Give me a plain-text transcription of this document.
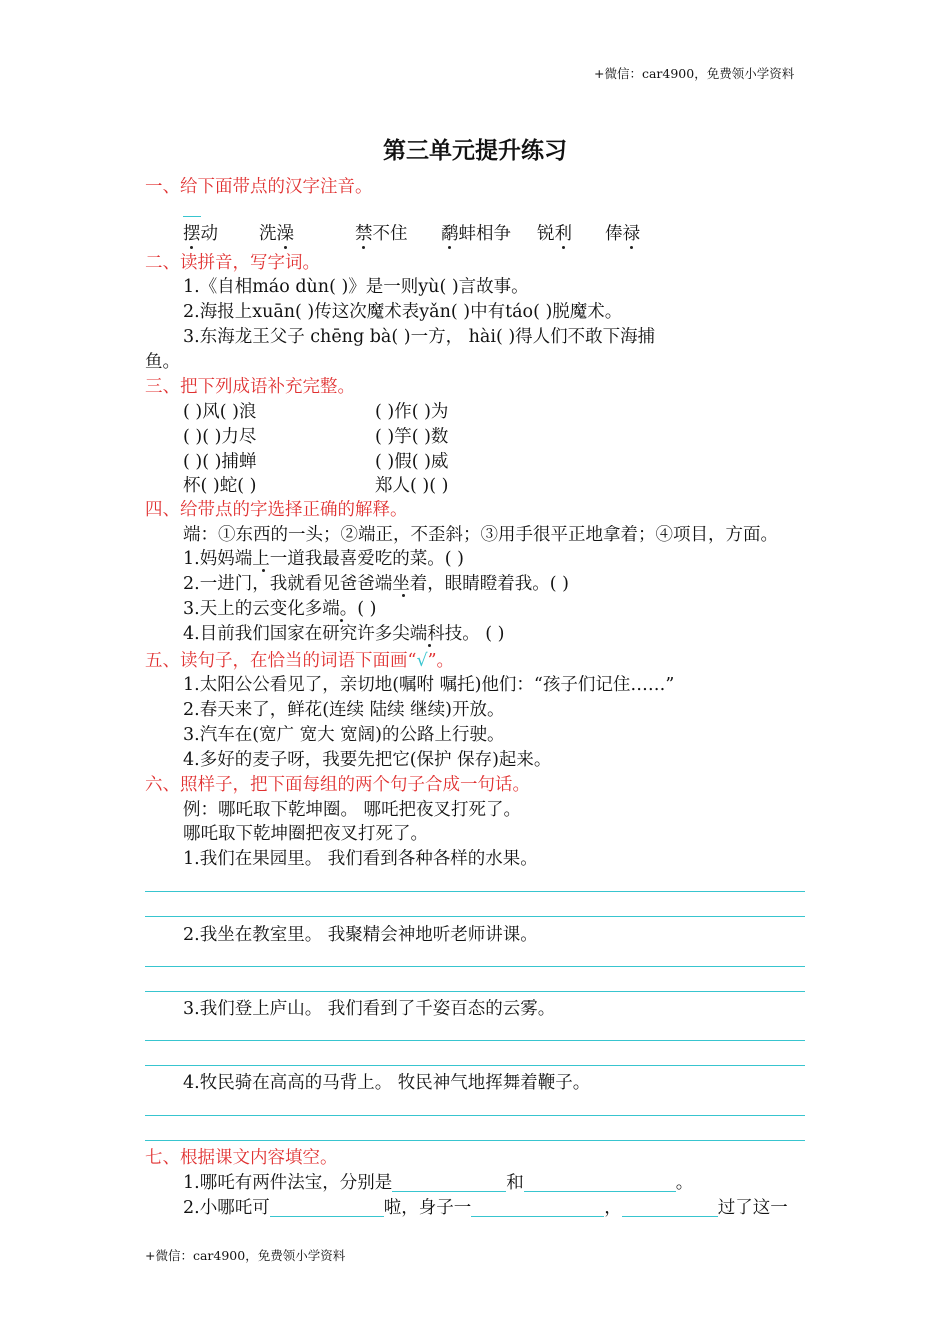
+微信：car4900，免费领小学资料
第三单元提升练习
一、给下面带点的汉字注音。
摆动 洗澡	禁不住 鹬蚌相争 锐利 俸禄
二、读拼音，写字词。
1.《自相máo dùn( )》是一则yù( )言故事。
2.海报上xuān( )传这次魔术表yǎn( )中有táo( )脱魔术。
3.东海龙王父子 chēng bà( )一方， hài( )得人们不敢下海捕
鱼。
三、把下列成语补充完整。
( )风( )浪	( )作( )为
( )( )力尽	( )竽( )数
( )( )捕蝉	( )假( )威
杯( )蛇( )	郑人( )( )
四、给带点的字选择正确的解释。
端：①东西的一头；②端正，不歪斜；③用手很平正地拿着；④项目，方面。
1.妈妈端上一道我最喜爱吃的菜。( )
2.一进门，我就看见爸爸端坐着，眼睛瞪着我。( )
3.天上的云变化多端。( )
4.目前我们国家在研究许多尖端科技。 ( )
五、读句子，在恰当的词语下面画“√”。
1.太阳公公看见了，亲切地(嘱咐 嘱托)他们：“孩子们记住……”
2.春天来了，鲜花(连续 陆续 继续)开放。
3.汽车在(宽广 宽大 宽阔)的公路上行驶。
4.多好的麦子呀，我要先把它(保护 保存)起来。
六、照样子，把下面每组的两个句子合成一句话。
例：哪吒取下乾坤圈。 哪吒把夜叉打死了。
哪吒取下乾坤圈把夜叉打死了。
1.我们在果园里。 我们看到各种各样的水果。
2.我坐在教室里。 我聚精会神地听老师讲课。
3.我们登上庐山。 我们看到了千姿百态的云雾。
4.牧民骑在高高的马背上。 牧民神气地挥舞着鞭子。
七、根据课文内容填空。
1.哪吒有两件法宝，分别是	和	。
2.小哪吒可	啦，身子一	，	过了这一
+微信：car4900，免费领小学资料
